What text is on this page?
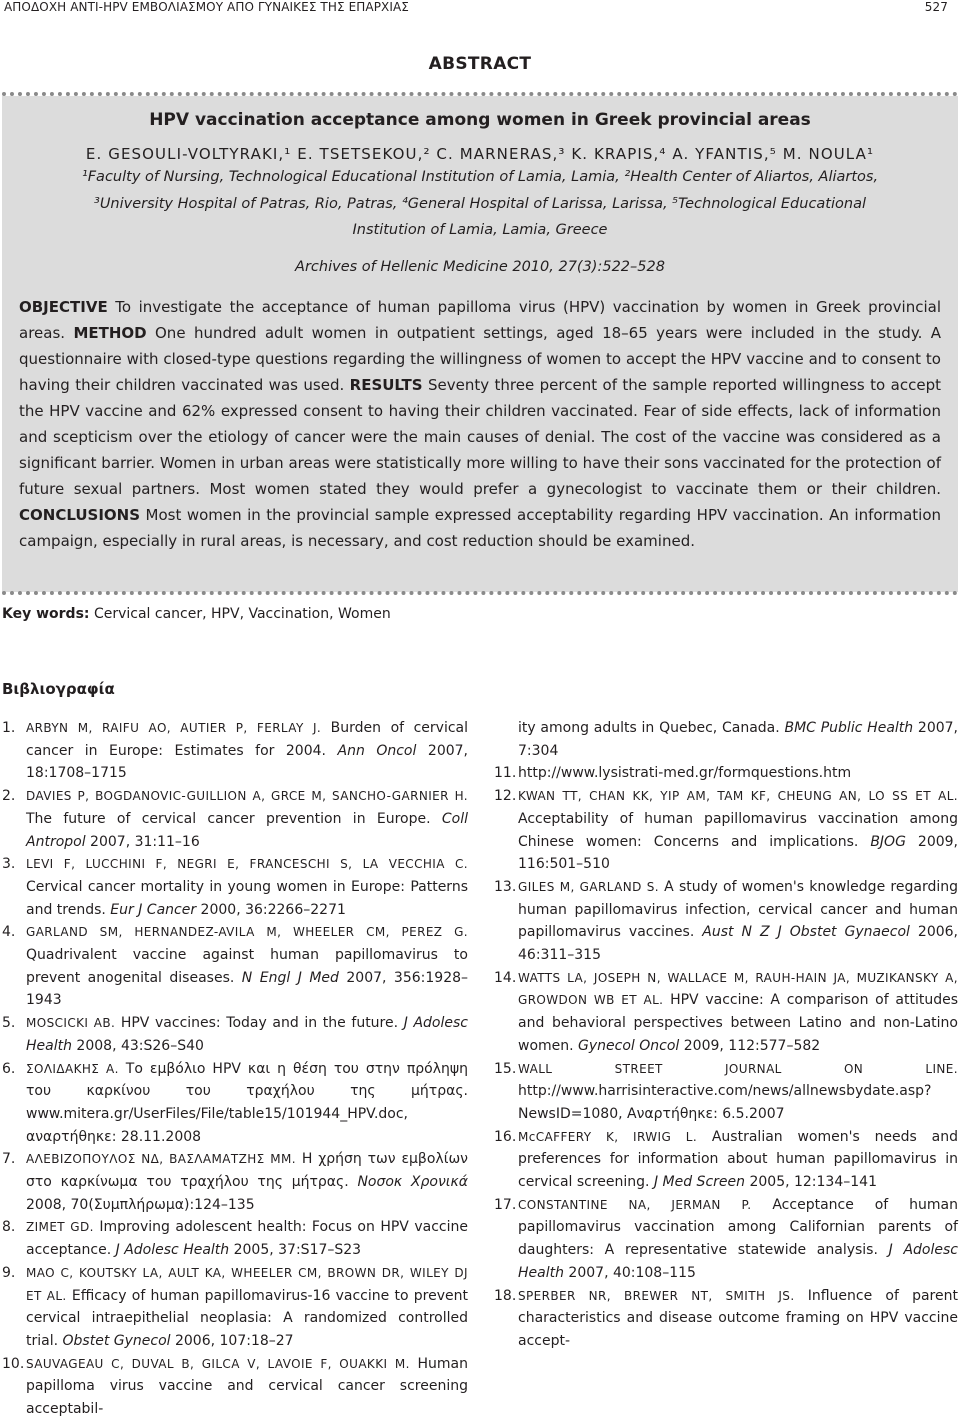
ΑΠΟΔΟΧΗ ΑΝΤΙ-HPV ΕΜΒΟΛΙΑΣΜΟΥ ΑΠΟ ΓΥΝΑΙΚΕΣ ΤΗΣ ΕΠΑΡΧΙΑΣ	527
ABSTRACT
HPV vaccination acceptance among women in Greek provincial areas
E. GESOULI-VOLTYRAKI,¹ E. TSETSEKOU,² C. MARNERAS,³ K. KRAPIS,⁴ A. YFANTIS,⁵ M. NOULA¹
¹Faculty of Nursing, Technological Educational Institution of Lamia, Lamia, ²Health Center of Aliartos, Aliartos,
³University Hospital of Patras, Rio, Patras, ⁴General Hospital of Larissa, Larissa, ⁵Technological Educational
Institution of Lamia, Lamia, Greece
Archives of Hellenic Medicine 2010, 27(3):522–528
OBJECTIVE To investigate the acceptance of human papilloma virus (HPV) vaccination by women in Greek provincial areas. METHOD One hundred adult women in outpatient settings, aged 18–65 years were included in the study. A questionnaire with closed-type questions regarding the willingness of women to accept the HPV vaccine and to consent to having their children vaccinated was used. RESULTS Seventy three percent of the sample reported willingness to accept the HPV vaccine and 62% expressed consent to having their children vaccinated. Fear of side effects, lack of information and scepticism over the etiology of cancer were the main causes of denial. The cost of the vaccine was considered as a significant barrier. Women in urban areas were statistically more willing to have their sons vaccinated for the protection of future sexual partners. Most women stated they would prefer a gynecologist to vaccinate them or their children. CONCLUSIONS Most women in the provincial sample expressed acceptability regarding HPV vaccination. An information campaign, especially in rural areas, is necessary, and cost reduction should be examined.
Key words: Cervical cancer, HPV, Vaccination, Women
Βιβλιογραφία
1. ARBYN M, RAIFU AO, AUTIER P, FERLAY J. Burden of cervical cancer in Europe: Estimates for 2004. Ann Oncol 2007, 18:1708–1715
2. DAVIES P, BOGDANOVIC-GUILLION A, GRCE M, SANCHO-GARNIER H. The future of cervical cancer prevention in Europe. Coll Antropol 2007, 31:11–16
3. LEVI F, LUCCHINI F, NEGRI E, FRANCESCHI S, LA VECCHIA C. Cervical cancer mortality in young women in Europe: Patterns and trends. Eur J Cancer 2000, 36:2266–2271
4. GARLAND SM, HERNANDEZ-AVILA M, WHEELER CM, PEREZ G. Quadrivalent vaccine against human papillomavirus to prevent anogenital diseases. N Engl J Med 2007, 356:1928–1943
5. MOSCICKI AB. HPV vaccines: Today and in the future. J Adolesc Health 2008, 43:S26–S40
6. ΣΟΛΙΔΑΚΗΣ Α. Το εμβόλιο HPV και η θέση του στην πρόληψη του καρκίνου του τραχήλου της μήτρας. www.mitera.gr/UserFiles/File/table15/101944_HPV.doc, αναρτήθηκε: 28.11.2008
7. ΑΛΕΒΙΖΟΠΟΥΛΟΣ ΝΔ, ΒΑΣΛΑΜΑΤΖΗΣ ΜΜ. Η χρήση των εμβολίων στο καρκίνωμα του τραχήλου της μήτρας. Νοσοκ Χρονικά 2008, 70(Συμπλήρωμα):124–135
8. ZIMET GD. Improving adolescent health: Focus on HPV vaccine acceptance. J Adolesc Health 2005, 37:S17–S23
9. MAO C, KOUTSKY LA, AULT KA, WHEELER CM, BROWN DR, WILEY DJ ET AL. Efficacy of human papillomavirus-16 vaccine to prevent cervical intraepithelial neoplasia: A randomized controlled trial. Obstet Gynecol 2006, 107:18–27
10. SAUVAGEAU C, DUVAL B, GILCA V, LAVOIE F, OUAKKI M. Human papilloma virus vaccine and cervical cancer screening acceptabil-
ity among adults in Quebec, Canada. BMC Public Health 2007, 7:304
11. http://www.lysistrati-med.gr/formquestions.htm
12. KWAN TT, CHAN KK, YIP AM, TAM KF, CHEUNG AN, LO SS ET AL. Acceptability of human papillomavirus vaccination among Chinese women: Concerns and implications. BJOG 2009, 116:501–510
13. GILES M, GARLAND S. A study of women's knowledge regarding human papillomavirus infection, cervical cancer and human papillomavirus vaccines. Aust N Z J Obstet Gynaecol 2006, 46:311–315
14. WATTS LA, JOSEPH N, WALLACE M, RAUH-HAIN JA, MUZIKANSKY A, GROWDON WB ET AL. HPV vaccine: A comparison of attitudes and behavioral perspectives between Latino and non-Latino women. Gynecol Oncol 2009, 112:577–582
15. WALL STREET JOURNAL ON LINE. http://www.harrisinteractive.com/news/allnewsbydate.asp?NewsID=1080, Αναρτήθηκε: 6.5.2007
16. McCAFFERY K, IRWIG L. Australian women's needs and preferences for information about human papillomavirus in cervical screening. J Med Screen 2005, 12:134–141
17. CONSTANTINE NA, JERMAN P. Acceptance of human papillomavirus vaccination among Californian parents of daughters: A representative statewide analysis. J Adolesc Health 2007, 40:108–115
18. SPERBER NR, BREWER NT, SMITH JS. Influence of parent characteristics and disease outcome framing on HPV vaccine accept-
